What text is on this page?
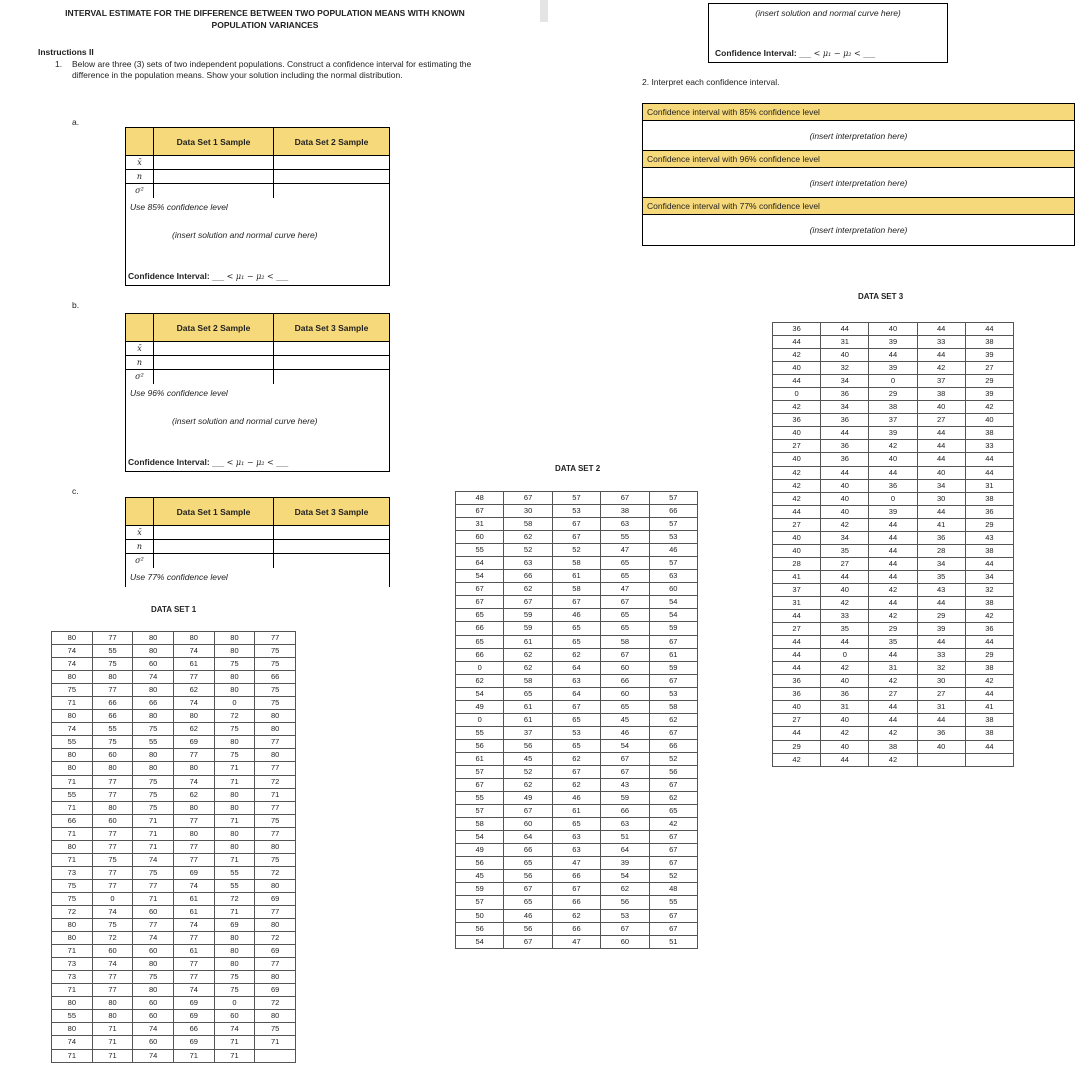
INTERVAL ESTIMATE FOR THE DIFFERENCE BETWEEN TWO POPULATION MEANS WITH KNOWN
POPULATION VARIANCES
Instructions II
1. Below are three (3) sets of two independent populations. Construct a confidence interval for estimating the difference in the population means. Show your solution including the normal distribution.
a.
Data Set 1 Sample	Data Set 2 Sample
x̄
n
σ²
Use 85% confidence level
(insert solution and normal curve here)
Confidence Interval: ___ < μ₁ − μ₂ < ___
b.
Data Set 2 Sample	Data Set 3 Sample
x̄
n
σ²
Use 96% confidence level
(insert solution and normal curve here)
Confidence Interval: ___ < μ₁ − μ₂ < ___
c.
Data Set 1 Sample	Data Set 3 Sample
x̄
n
σ²
Use 77% confidence level
(insert solution and normal curve here)
Confidence Interval: ___ < μ₁ − μ₂ < ___
2. Interpret each confidence interval.
Confidence interval with 85% confidence level
(insert interpretation here)
Confidence interval with 96% confidence level
(insert interpretation here)
Confidence interval with 77% confidence level
(insert interpretation here)
DATA SET 1
80	77	80	80	80	77
74	55	80	74	80	75
74	75	60	61	75	75
80	80	74	77	80	66
75	77	80	62	80	75
71	66	66	74	0	75
80	66	80	80	72	80
74	55	75	62	75	80
55	75	55	69	80	77
80	60	80	77	75	80
80	80	80	80	71	77
71	77	75	74	71	72
55	77	75	62	80	71
71	80	75	80	80	77
66	60	71	77	71	75
71	77	71	80	80	77
80	77	71	77	80	80
71	75	74	77	71	75
73	77	75	69	55	72
75	77	77	74	55	80
75	0	71	61	72	69
72	74	60	61	71	77
80	75	77	74	69	80
80	72	74	77	80	72
71	60	60	61	80	69
73	74	80	77	80	77
73	77	75	77	75	80
71	77	80	74	75	69
80	80	60	69	0	72
55	80	60	69	60	80
80	71	74	66	74	75
74	71	60	69	71	71
71	71	74	71	71	
DATA SET 2
48	67	57	67	57
67	30	53	38	66
31	58	67	63	57
60	62	67	55	53
55	52	52	47	46
64	63	58	65	57
54	66	61	65	63
67	62	58	47	60
67	67	67	67	54
65	59	46	65	54
66	59	65	65	59
65	61	65	58	67
66	62	62	67	61
0	62	64	60	59
62	58	63	66	67
54	65	64	60	53
49	61	67	65	58
0	61	65	45	62
55	37	53	46	67
56	56	65	54	66
61	45	62	67	52
57	52	67	67	56
67	62	62	43	67
55	49	46	59	62
57	67	61	66	65
58	60	65	63	42
54	64	63	51	67
49	66	63	64	67
56	65	47	39	67
45	56	66	54	52
59	67	67	62	48
57	65	66	56	55
50	46	62	53	67
56	56	66	67	67
54	67	47	60	51
DATA SET 3
36	44	40	44	44
44	31	39	33	38
42	40	44	44	39
40	32	39	42	27
44	34	0	37	29
0	36	29	38	39
42	34	38	40	42
36	36	37	27	40
40	44	39	44	38
27	36	42	44	33
40	36	40	44	44
42	44	44	40	44
42	40	36	34	31
42	40	0	30	38
44	40	39	44	36
27	42	44	41	29
40	34	44	36	43
40	35	44	28	38
28	27	44	34	44
41	44	44	35	34
37	40	42	43	32
31	42	44	44	38
44	33	42	29	42
27	35	29	39	36
44	44	35	44	44
44	0	44	33	29
44	42	31	32	38
36	40	42	30	42
36	36	27	27	44
40	31	44	31	41
27	40	44	44	38
44	42	42	36	38
29	40	38	40	44
42	44	42		
